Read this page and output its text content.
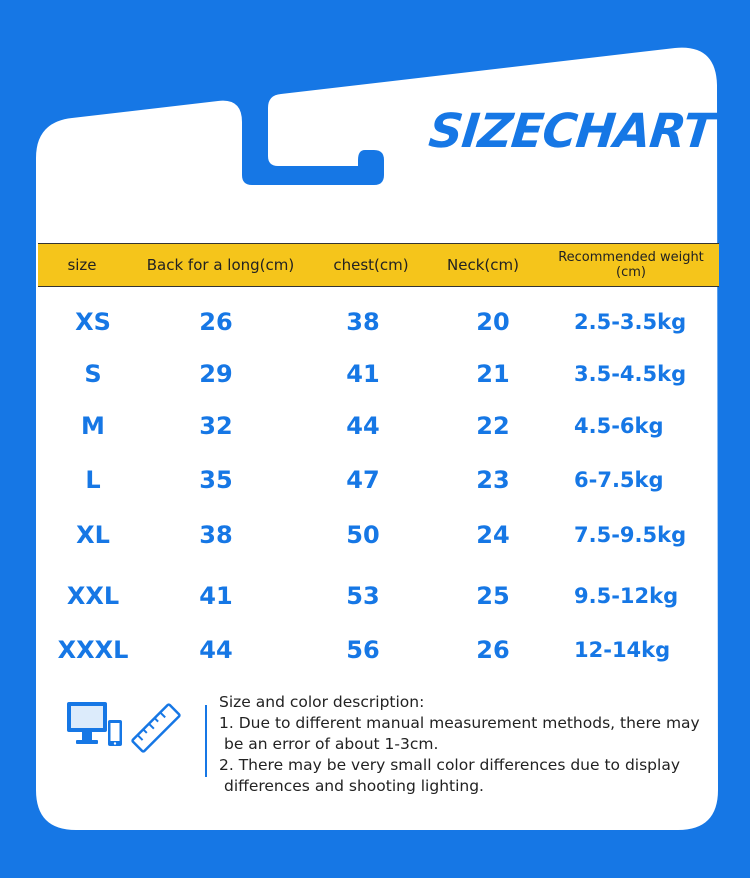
SIZECHART
size	Back for a long(cm)	chest(cm)	Neck(cm)	Recommended weight
(cm)
XS	26	38	20	2.5-3.5kg
S	29	41	21	3.5-4.5kg
M	32	44	22	4.5-6kg
L	35	47	23	6-7.5kg
XL	38	50	24	7.5-9.5kg
XXL	41	53	25	9.5-12kg
XXXL	44	56	26	12-14kg
Size and color description:
1. Due to different manual measurement methods, there may
be an error of about 1-3cm.
2. There may be very small color differences due to display
differences and shooting lighting.
